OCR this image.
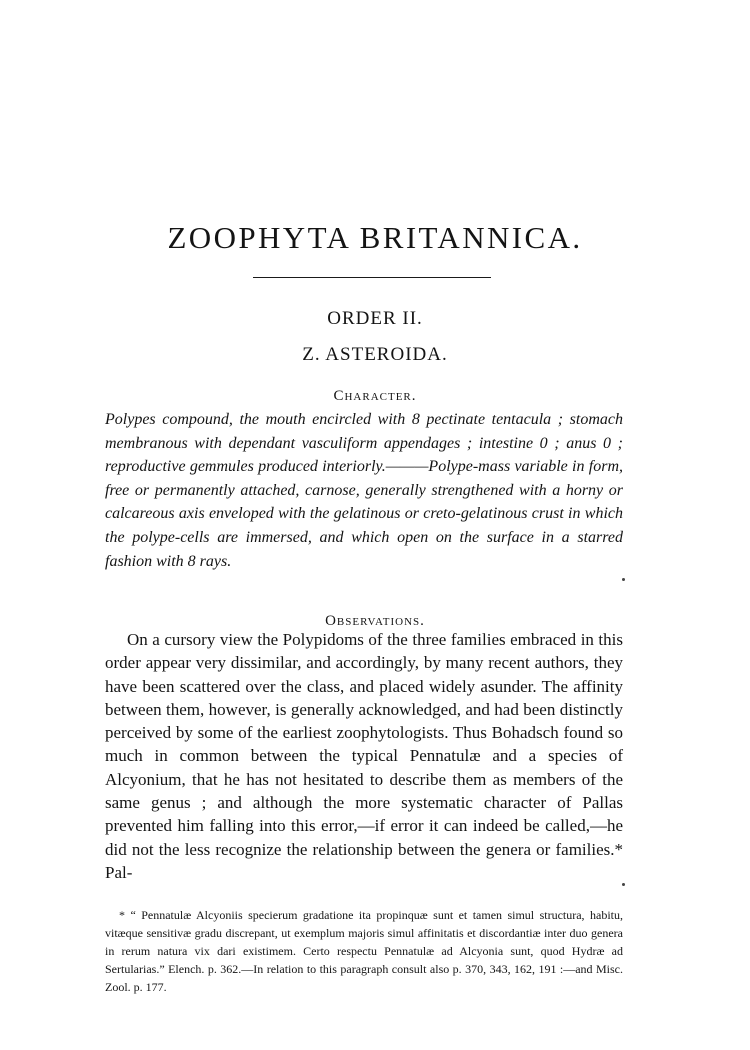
ZOOPHYTA BRITANNICA.
ORDER II.
Z. ASTEROIDA.
Character.

Polypes compound, the mouth encircled with 8 pectinate tentacula ; stomach membranous with dependant vasculiform appendages ; intestine 0 ; anus 0 ; reproductive gemmules produced interiorly.———Polype-mass variable in form, free or permanently attached, carnose, generally strengthened with a horny or calcareous axis enveloped with the gelatinous or creto-gelatinous crust in which the polype-cells are immersed, and which open on the surface in a starred fashion with 8 rays.

Observations.

On a cursory view the Polypidoms of the three families embraced in this order appear very dissimilar, and accordingly, by many recent authors, they have been scattered over the class, and placed widely asunder. The affinity between them, however, is generally acknowledged, and had been distinctly perceived by some of the earliest zoophytologists. Thus Bohadsch found so much in common between the typical Pennatulæ and a species of Alcyonium, that he has not hesitated to describe them as members of the same genus ; and although the more systematic character of Pallas prevented him falling into this error,—if error it can indeed be called,—he did not the less recognize the relationship between the genera or families.* Pal-

* “ Pennatulæ Alcyoniis specierum gradatione ita propinquæ sunt et tamen simul structura, habitu, vitæque sensitivæ gradu discrepant, ut exemplum majoris simul affinitatis et discordantiæ inter duo genera in rerum natura vix dari existimem. Certo respectu Pennatulæ ad Alcyonia sunt, quod Hydræ ad Sertularias.” Elench. p. 362.—In relation to this paragraph consult also p. 370, 343, 162, 191 :—and Misc. Zool. p. 177.
